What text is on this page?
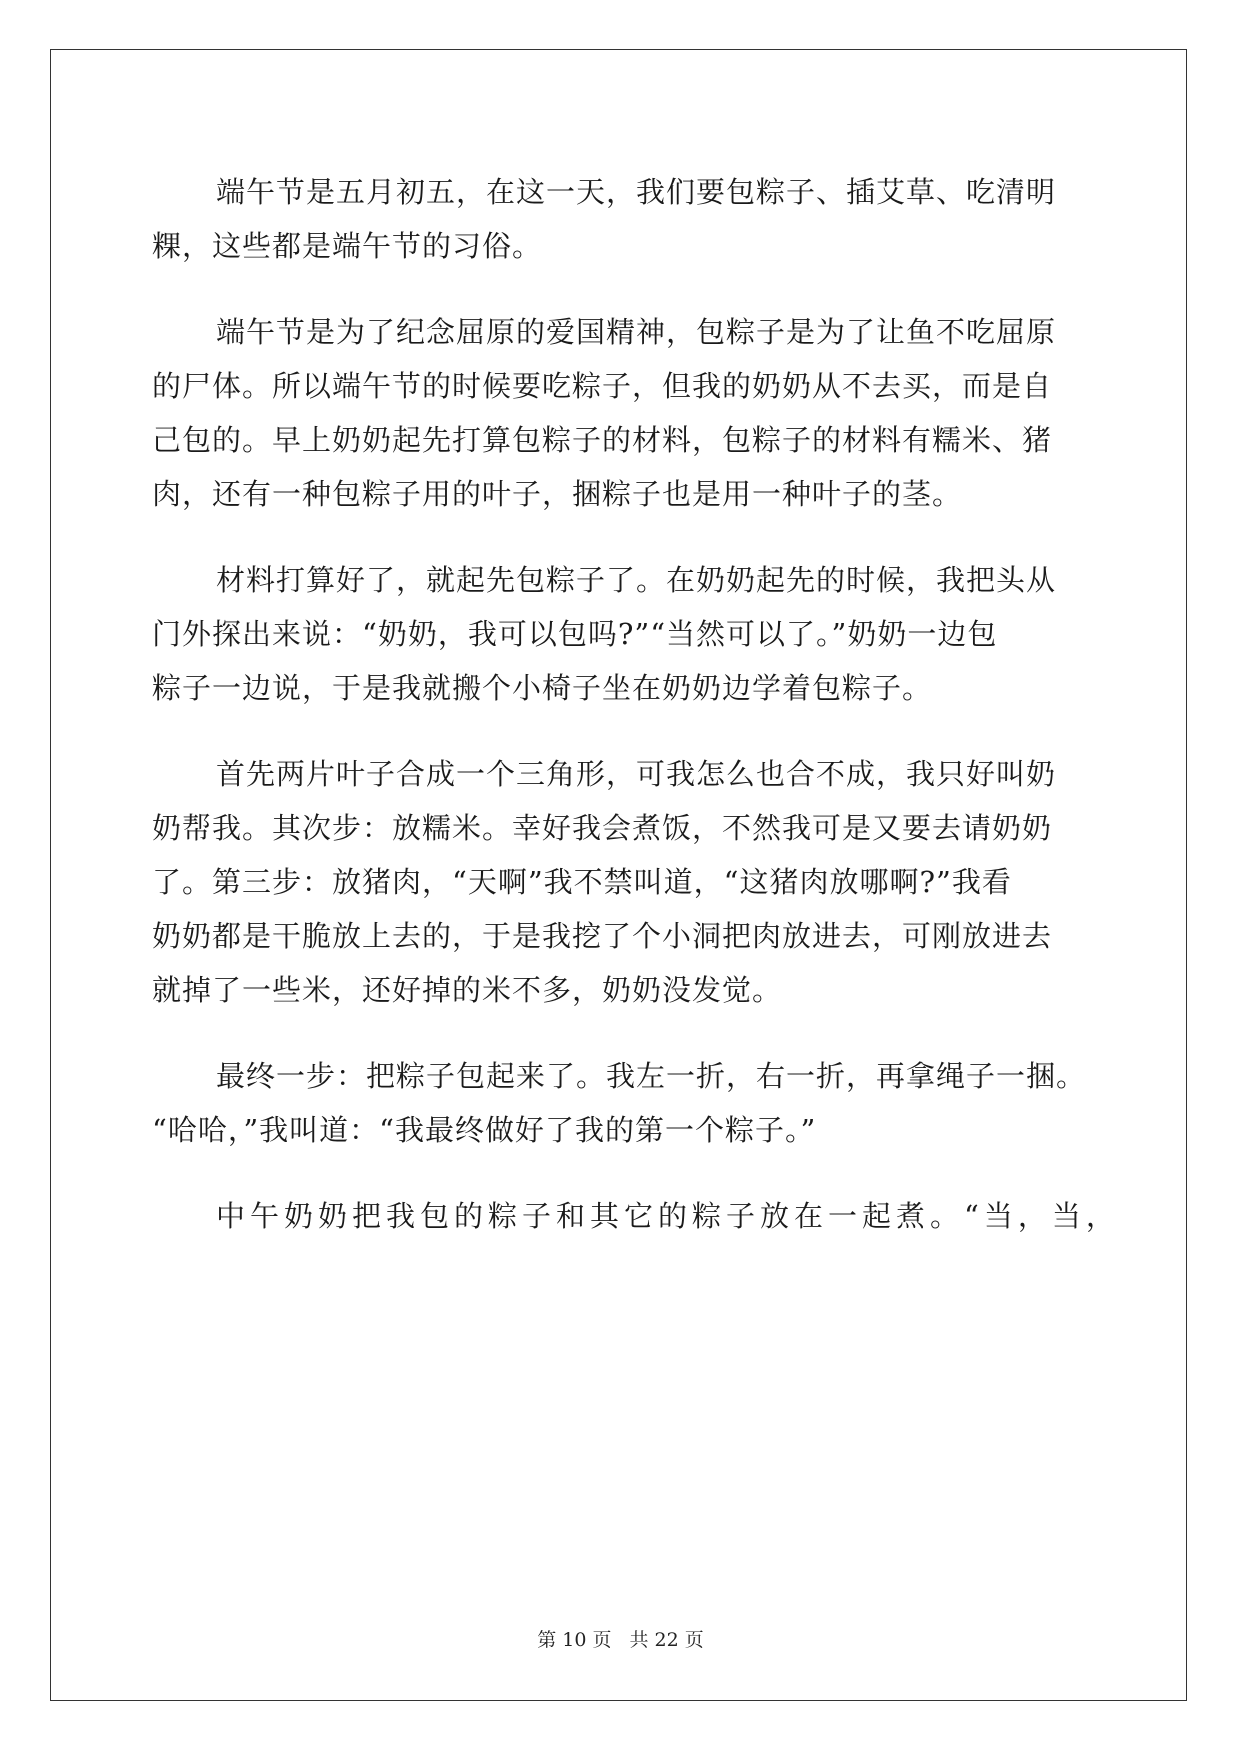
端午节是五月初五，在这一天，我们要包粽子、插艾草、吃清明
粿，这些都是端午节的习俗。

端午节是为了纪念屈原的爱国精神，包粽子是为了让鱼不吃屈原
的尸体。所以端午节的时候要吃粽子，但我的奶奶从不去买，而是自
己包的。早上奶奶起先打算包粽子的材料，包粽子的材料有糯米、猪
肉，还有一种包粽子用的叶子，捆粽子也是用一种叶子的茎。

材料打算好了，就起先包粽子了。在奶奶起先的时候，我把头从
门外探出来说：“奶奶，我可以包吗?”“当然可以了。”奶奶一边包
粽子一边说，于是我就搬个小椅子坐在奶奶边学着包粽子。

首先两片叶子合成一个三角形，可我怎么也合不成，我只好叫奶
奶帮我。其次步：放糯米。幸好我会煮饭，不然我可是又要去请奶奶
了。第三步：放猪肉，“天啊”我不禁叫道，“这猪肉放哪啊?”我看
奶奶都是干脆放上去的，于是我挖了个小洞把肉放进去，可刚放进去
就掉了一些米，还好掉的米不多，奶奶没发觉。

最终一步：把粽子包起来了。我左一折，右一折，再拿绳子一捆。
“哈哈，”我叫道：“我最终做好了我的第一个粽子。”

中午奶奶把我包的粽子和其它的粽子放在一起煮。“当，当，

第 10 页 共 22 页
